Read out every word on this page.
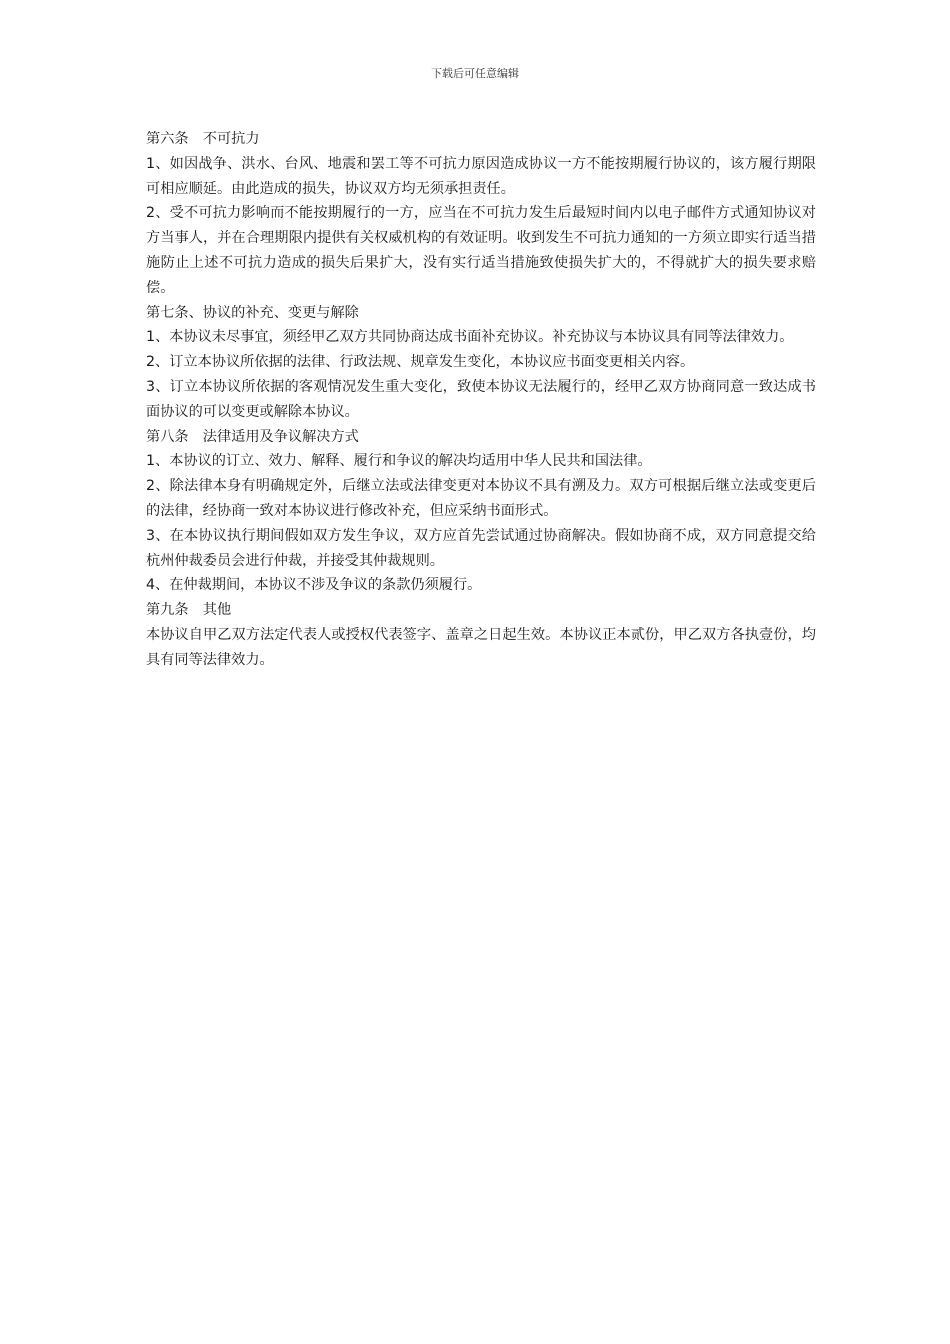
下载后可任意编辑

第六条　不可抗力

1、如因战争、洪水、台风、地震和罢工等不可抗力原因造成协议一方不能按期履行协议的，该方履行期限可相应顺延。由此造成的损失，协议双方均无须承担责任。

2、受不可抗力影响而不能按期履行的一方，应当在不可抗力发生后最短时间内以电子邮件方式通知协议对方当事人，并在合理期限内提供有关权威机构的有效证明。收到发生不可抗力通知的一方须立即实行适当措施防止上述不可抗力造成的损失后果扩大，没有实行适当措施致使损失扩大的，不得就扩大的损失要求赔偿。

第七条、协议的补充、变更与解除

1、本协议未尽事宜，须经甲乙双方共同协商达成书面补充协议。补充协议与本协议具有同等法律效力。

2、订立本协议所依据的法律、行政法规、规章发生变化，本协议应书面变更相关内容。

3、订立本协议所依据的客观情况发生重大变化，致使本协议无法履行的，经甲乙双方协商同意一致达成书面协议的可以变更或解除本协议。

第八条　法律适用及争议解决方式

1、本协议的订立、效力、解释、履行和争议的解决均适用中华人民共和国法律。

2、除法律本身有明确规定外，后继立法或法律变更对本协议不具有溯及力。双方可根据后继立法或变更后的法律，经协商一致对本协议进行修改补充，但应采纳书面形式。

3、在本协议执行期间假如双方发生争议，双方应首先尝试通过协商解决。假如协商不成，双方同意提交给杭州仲裁委员会进行仲裁，并接受其仲裁规则。

4、在仲裁期间，本协议不涉及争议的条款仍须履行。

第九条　其他

本协议自甲乙双方法定代表人或授权代表签字、盖章之日起生效。本协议正本贰份，甲乙双方各执壹份，均具有同等法律效力。
